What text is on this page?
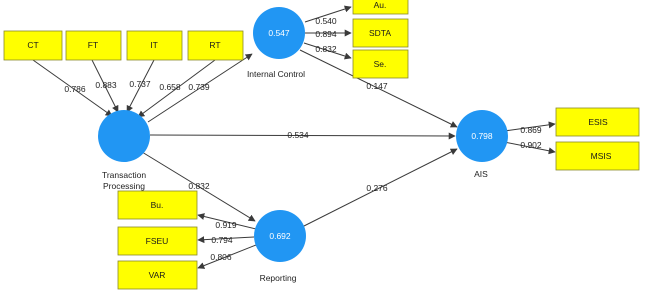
CT	FT	IT	RT
Au.
SDTA
Se.
ESIS
MSIS
Bu.
FSEU
VAR
0.547
0.692
0.798
Transaction
Processing
Internal Control
Reporting
AIS
0.786 0.883 0.737 0.658 0.739
0.534
0.832
0.147
0.276
0.540
0.894
0.832
0.869
0.902
0.919
0.794
0.806
